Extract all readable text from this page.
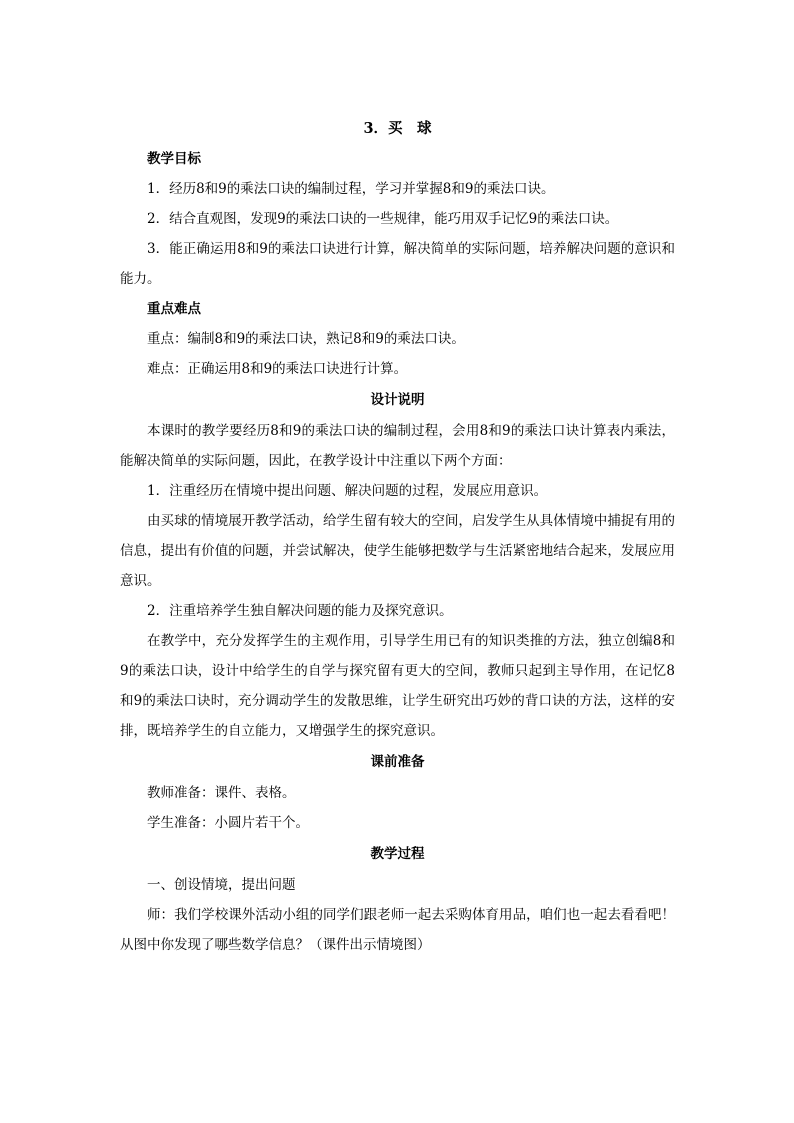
3．买　球
教学目标

1．经历8和9的乘法口诀的编制过程，学习并掌握8和9的乘法口诀。

2．结合直观图，发现9的乘法口诀的一些规律，能巧用双手记忆9的乘法口诀。

3．能正确运用8和9的乘法口诀进行计算，解决简单的实际问题，培养解决问题的意识和能力。

重点难点

重点：编制8和9的乘法口诀，熟记8和9的乘法口诀。

难点：正确运用8和9的乘法口诀进行计算。

设计说明

本课时的教学要经历8和9的乘法口诀的编制过程，会用8和9的乘法口诀计算表内乘法，能解决简单的实际问题，因此，在教学设计中注重以下两个方面：

1．注重经历在情境中提出问题、解决问题的过程，发展应用意识。

由买球的情境展开教学活动，给学生留有较大的空间，启发学生从具体情境中捕捉有用的信息，提出有价值的问题，并尝试解决，使学生能够把数学与生活紧密地结合起来，发展应用意识。

2．注重培养学生独自解决问题的能力及探究意识。

在教学中，充分发挥学生的主观作用，引导学生用已有的知识类推的方法，独立创编8和9的乘法口诀，设计中给学生的自学与探究留有更大的空间，教师只起到主导作用，在记忆8和9的乘法口诀时，充分调动学生的发散思维，让学生研究出巧妙的背口诀的方法，这样的安排，既培养学生的自立能力，又增强学生的探究意识。

课前准备

教师准备：课件、表格。

学生准备：小圆片若干个。

教学过程

一、创设情境，提出问题

师：我们学校课外活动小组的同学们跟老师一起去采购体育用品，咱们也一起去看看吧！从图中你发现了哪些数学信息？（课件出示情境图）
